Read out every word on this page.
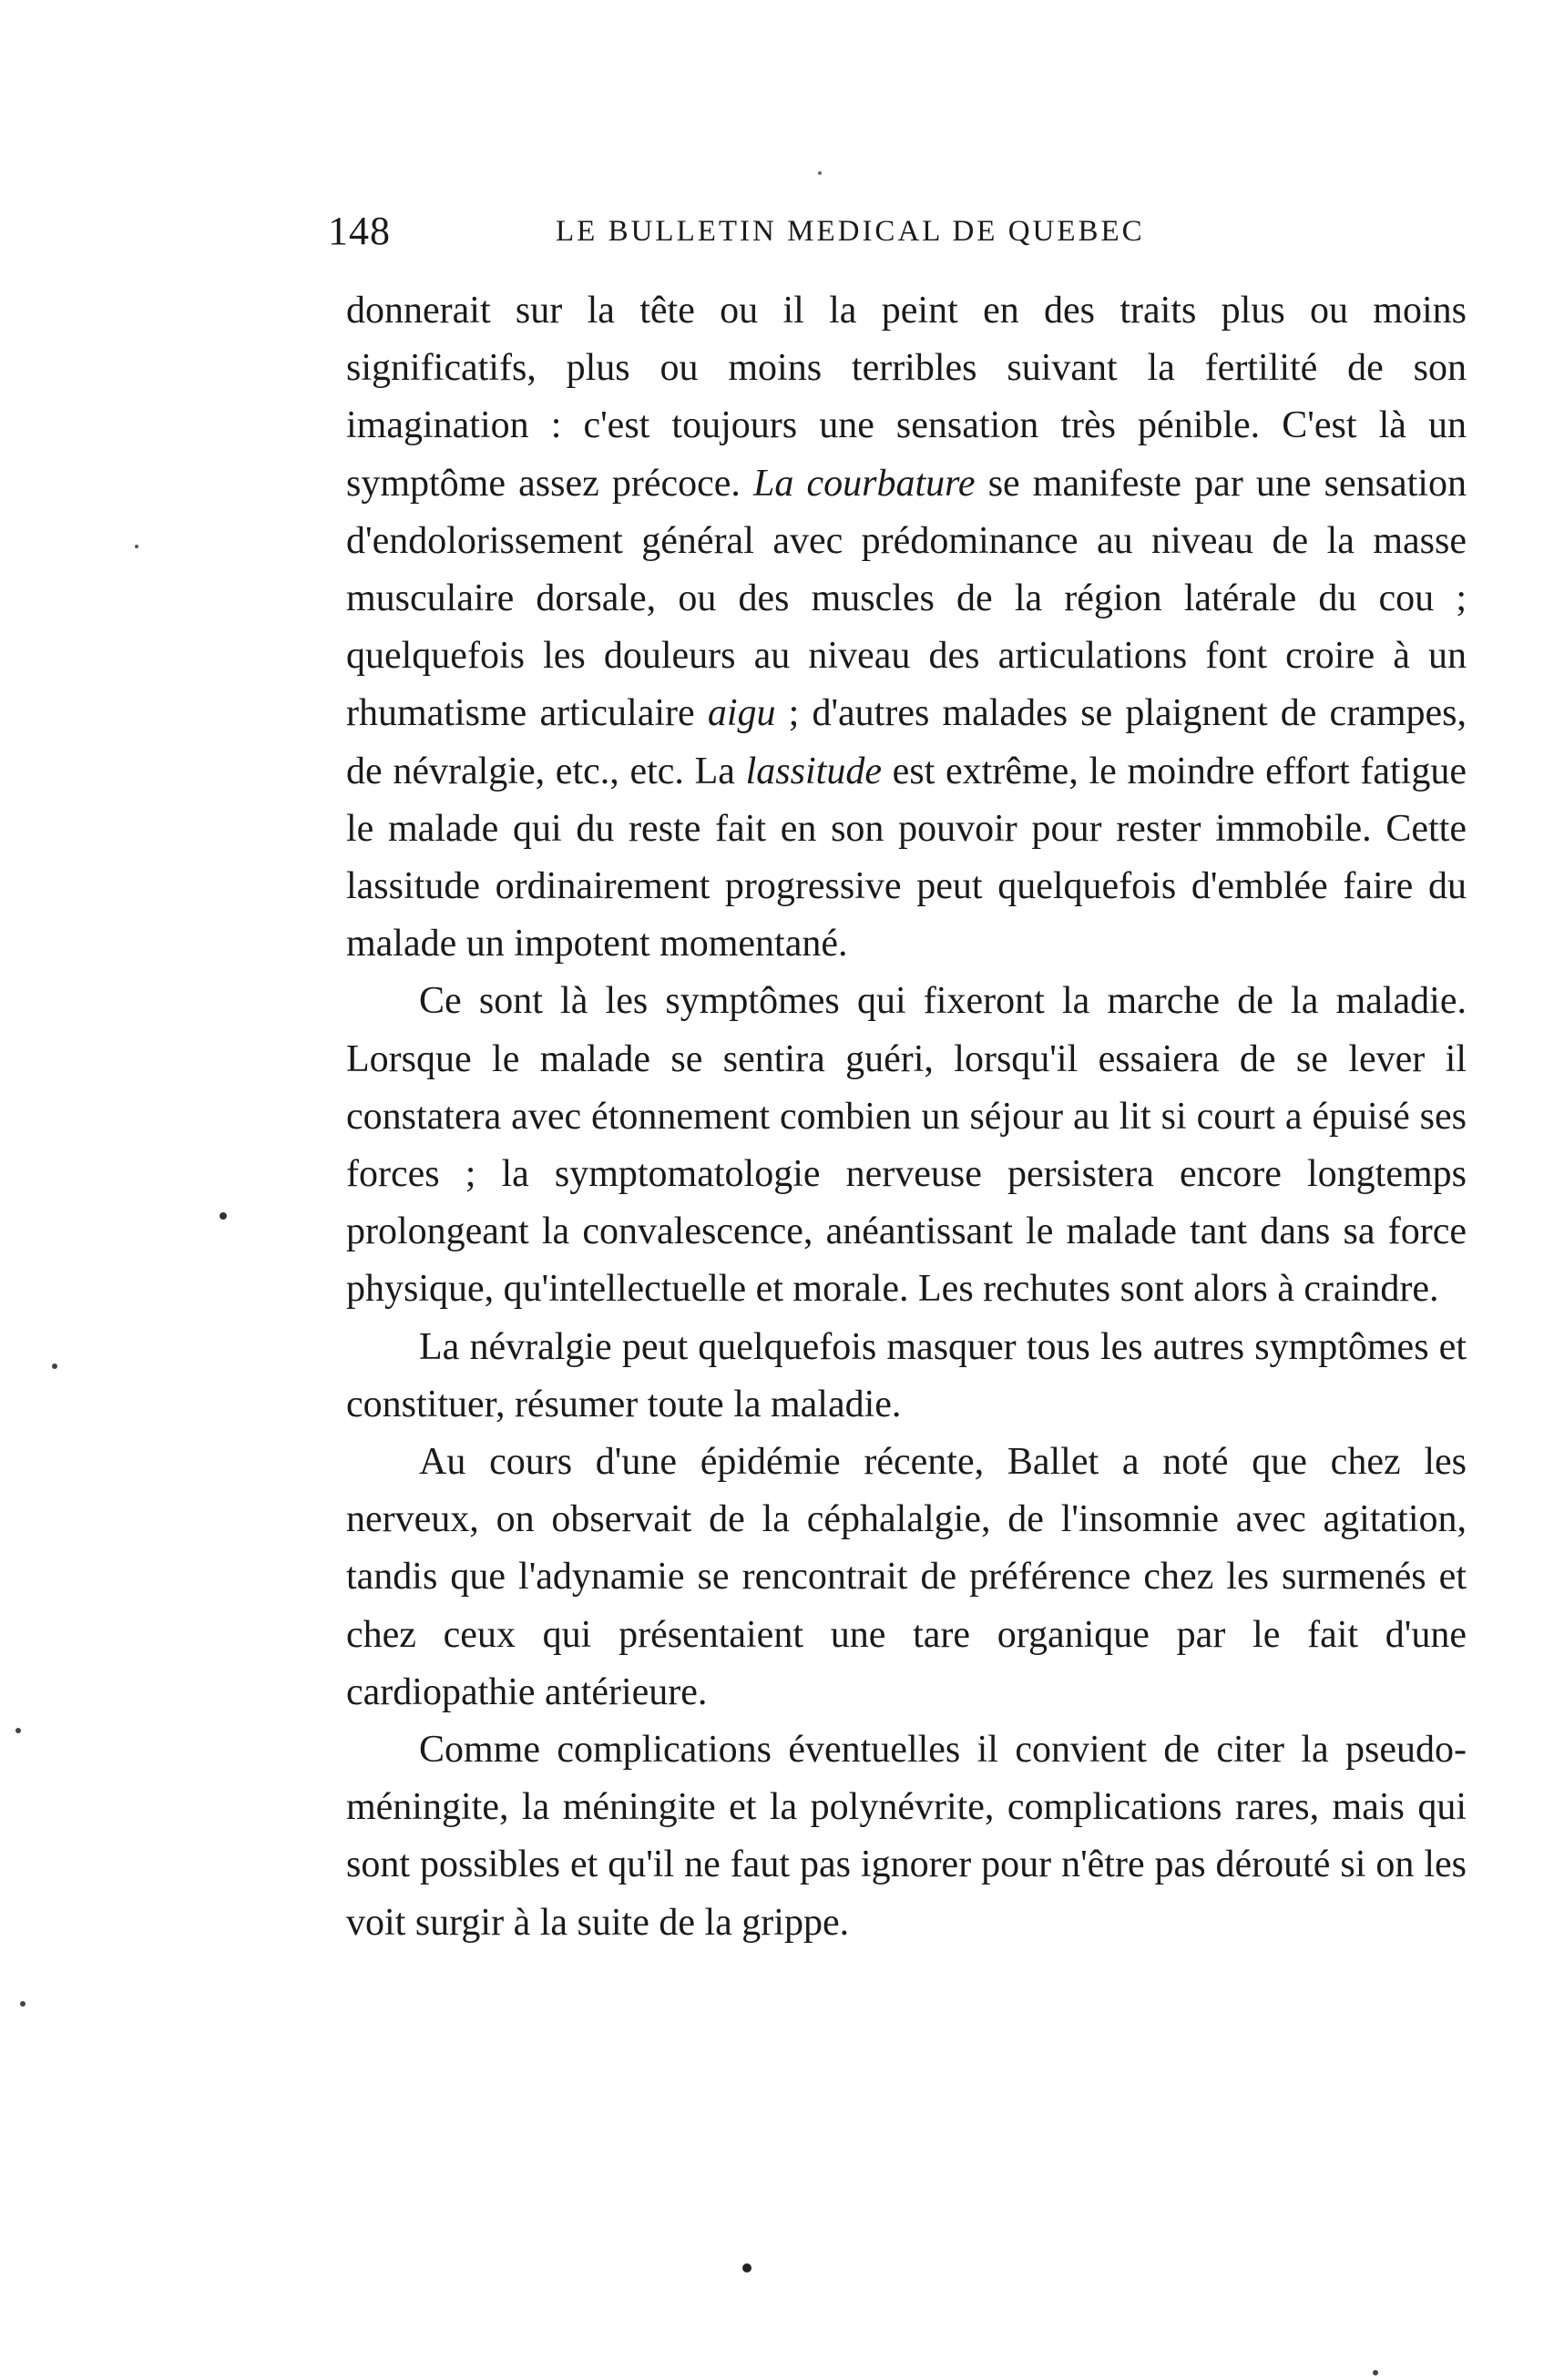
148	LE BULLETIN MEDICAL DE QUEBEC

donnerait sur la tête ou il la peint en des traits plus ou moins significatifs, plus ou moins terribles suivant la fertilité de son imagination : c'est toujours une sensation très pénible. C'est là un symptôme assez précoce. La courbature se manifeste par une sensation d'endolorissement général avec prédominance au niveau de la masse musculaire dorsale, ou des muscles de la région latérale du cou ; quelquefois les douleurs au niveau des articulations font croire à un rhumatisme articulaire aigu ; d'autres malades se plaignent de crampes, de névralgie, etc., etc. La lassitude est extrême, le moindre effort fatigue le malade qui du reste fait en son pouvoir pour rester immobile. Cette lassitude ordinairement progressive peut quelquefois d'emblée faire du malade un impotent momentané.

Ce sont là les symptômes qui fixeront la marche de la maladie. Lorsque le malade se sentira guéri, lorsqu'il essaiera de se lever il constatera avec étonnement combien un séjour au lit si court a épuisé ses forces ; la symptomatologie nerveuse persistera encore longtemps prolongeant la convalescence, anéantissant le malade tant dans sa force physique, qu'intellectuelle et morale. Les rechutes sont alors à craindre.

La névralgie peut quelquefois masquer tous les autres symptômes et constituer, résumer toute la maladie.

Au cours d'une épidémie récente, Ballet a noté que chez les nerveux, on observait de la céphalalgie, de l'insomnie avec agitation, tandis que l'adynamie se rencontrait de préférence chez les surmenés et chez ceux qui présentaient une tare organique par le fait d'une cardiopathie antérieure.

Comme complications éventuelles il convient de citer la pseudo-méningite, la méningite et la polynévrite, complications rares, mais qui sont possibles et qu'il ne faut pas ignorer pour n'être pas dérouté si on les voit surgir à la suite de la grippe.
